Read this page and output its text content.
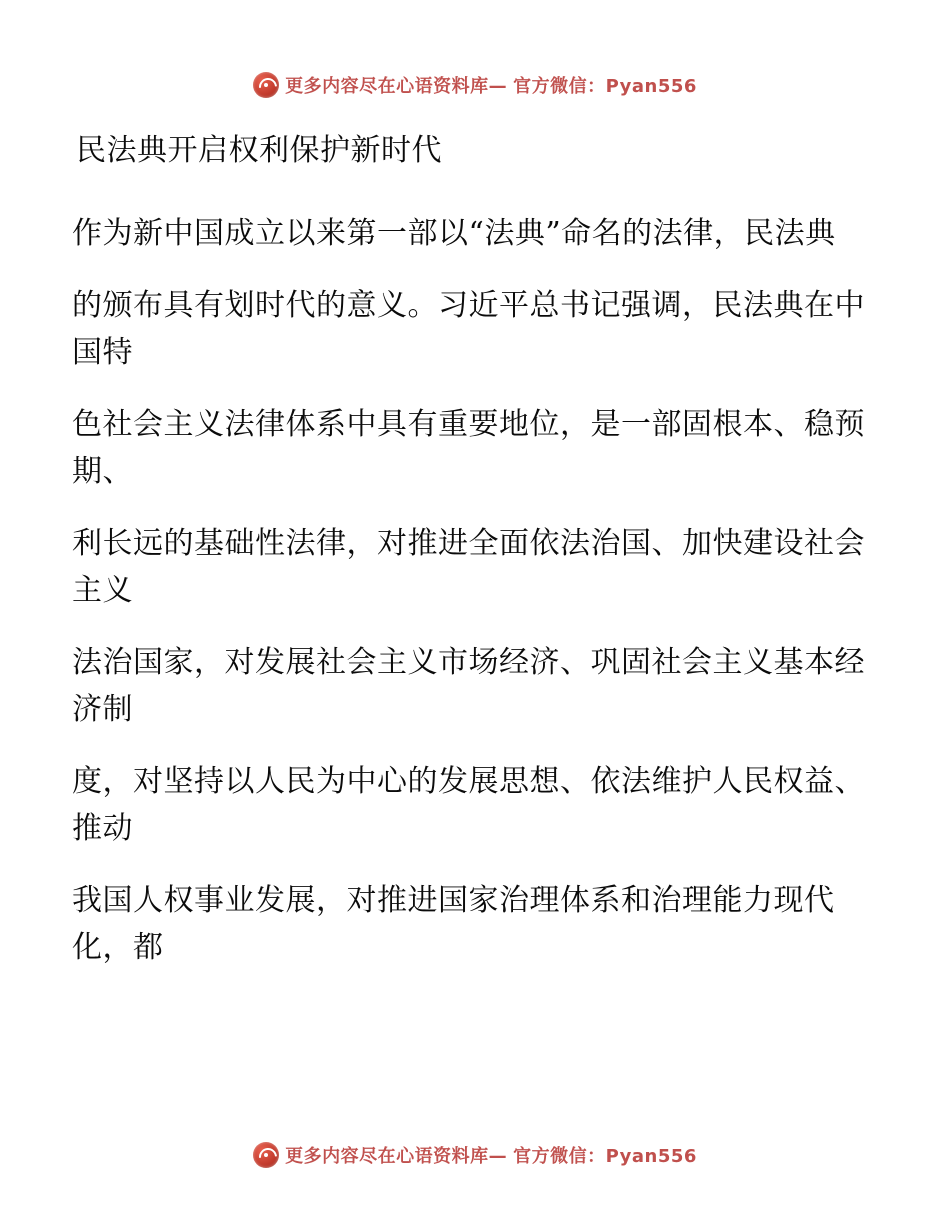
更多内容尽在心语资料库— 官方微信：Pyan556

民法典开启权利保护新时代

作为新中国成立以来第一部以“法典”命名的法律，民法典

的颁布具有划时代的意义。习近平总书记强调，民法典在中国特

色社会主义法律体系中具有重要地位，是一部固根本、稳预期、

利长远的基础性法律，对推进全面依法治国、加快建设社会主义

法治国家，对发展社会主义市场经济、巩固社会主义基本经济制

度，对坚持以人民为中心的发展思想、依法维护人民权益、推动

我国人权事业发展，对推进国家治理体系和治理能力现代化，都

更多内容尽在心语资料库— 官方微信：Pyan556
